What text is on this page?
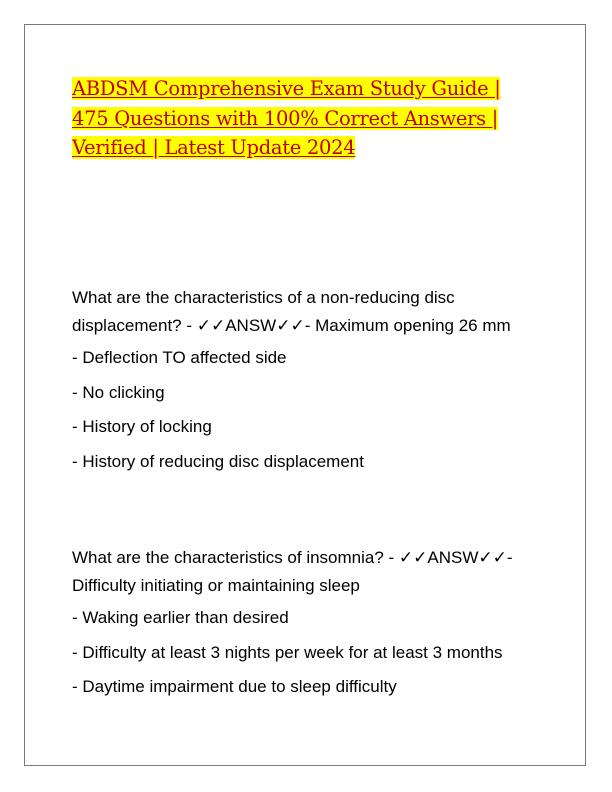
ABDSM Comprehensive Exam Study Guide | 475 Questions with 100% Correct Answers | Verified | Latest Update 2024

What are the characteristics of a non-reducing disc displacement? - ✓✓ANSW✓✓- Maximum opening 26 mm

- Deflection TO affected side

- No clicking

- History of locking

- History of reducing disc displacement

What are the characteristics of insomnia? - ✓✓ANSW✓✓- Difficulty initiating or maintaining sleep

- Waking earlier than desired

- Difficulty at least 3 nights per week for at least 3 months

- Daytime impairment due to sleep difficulty
